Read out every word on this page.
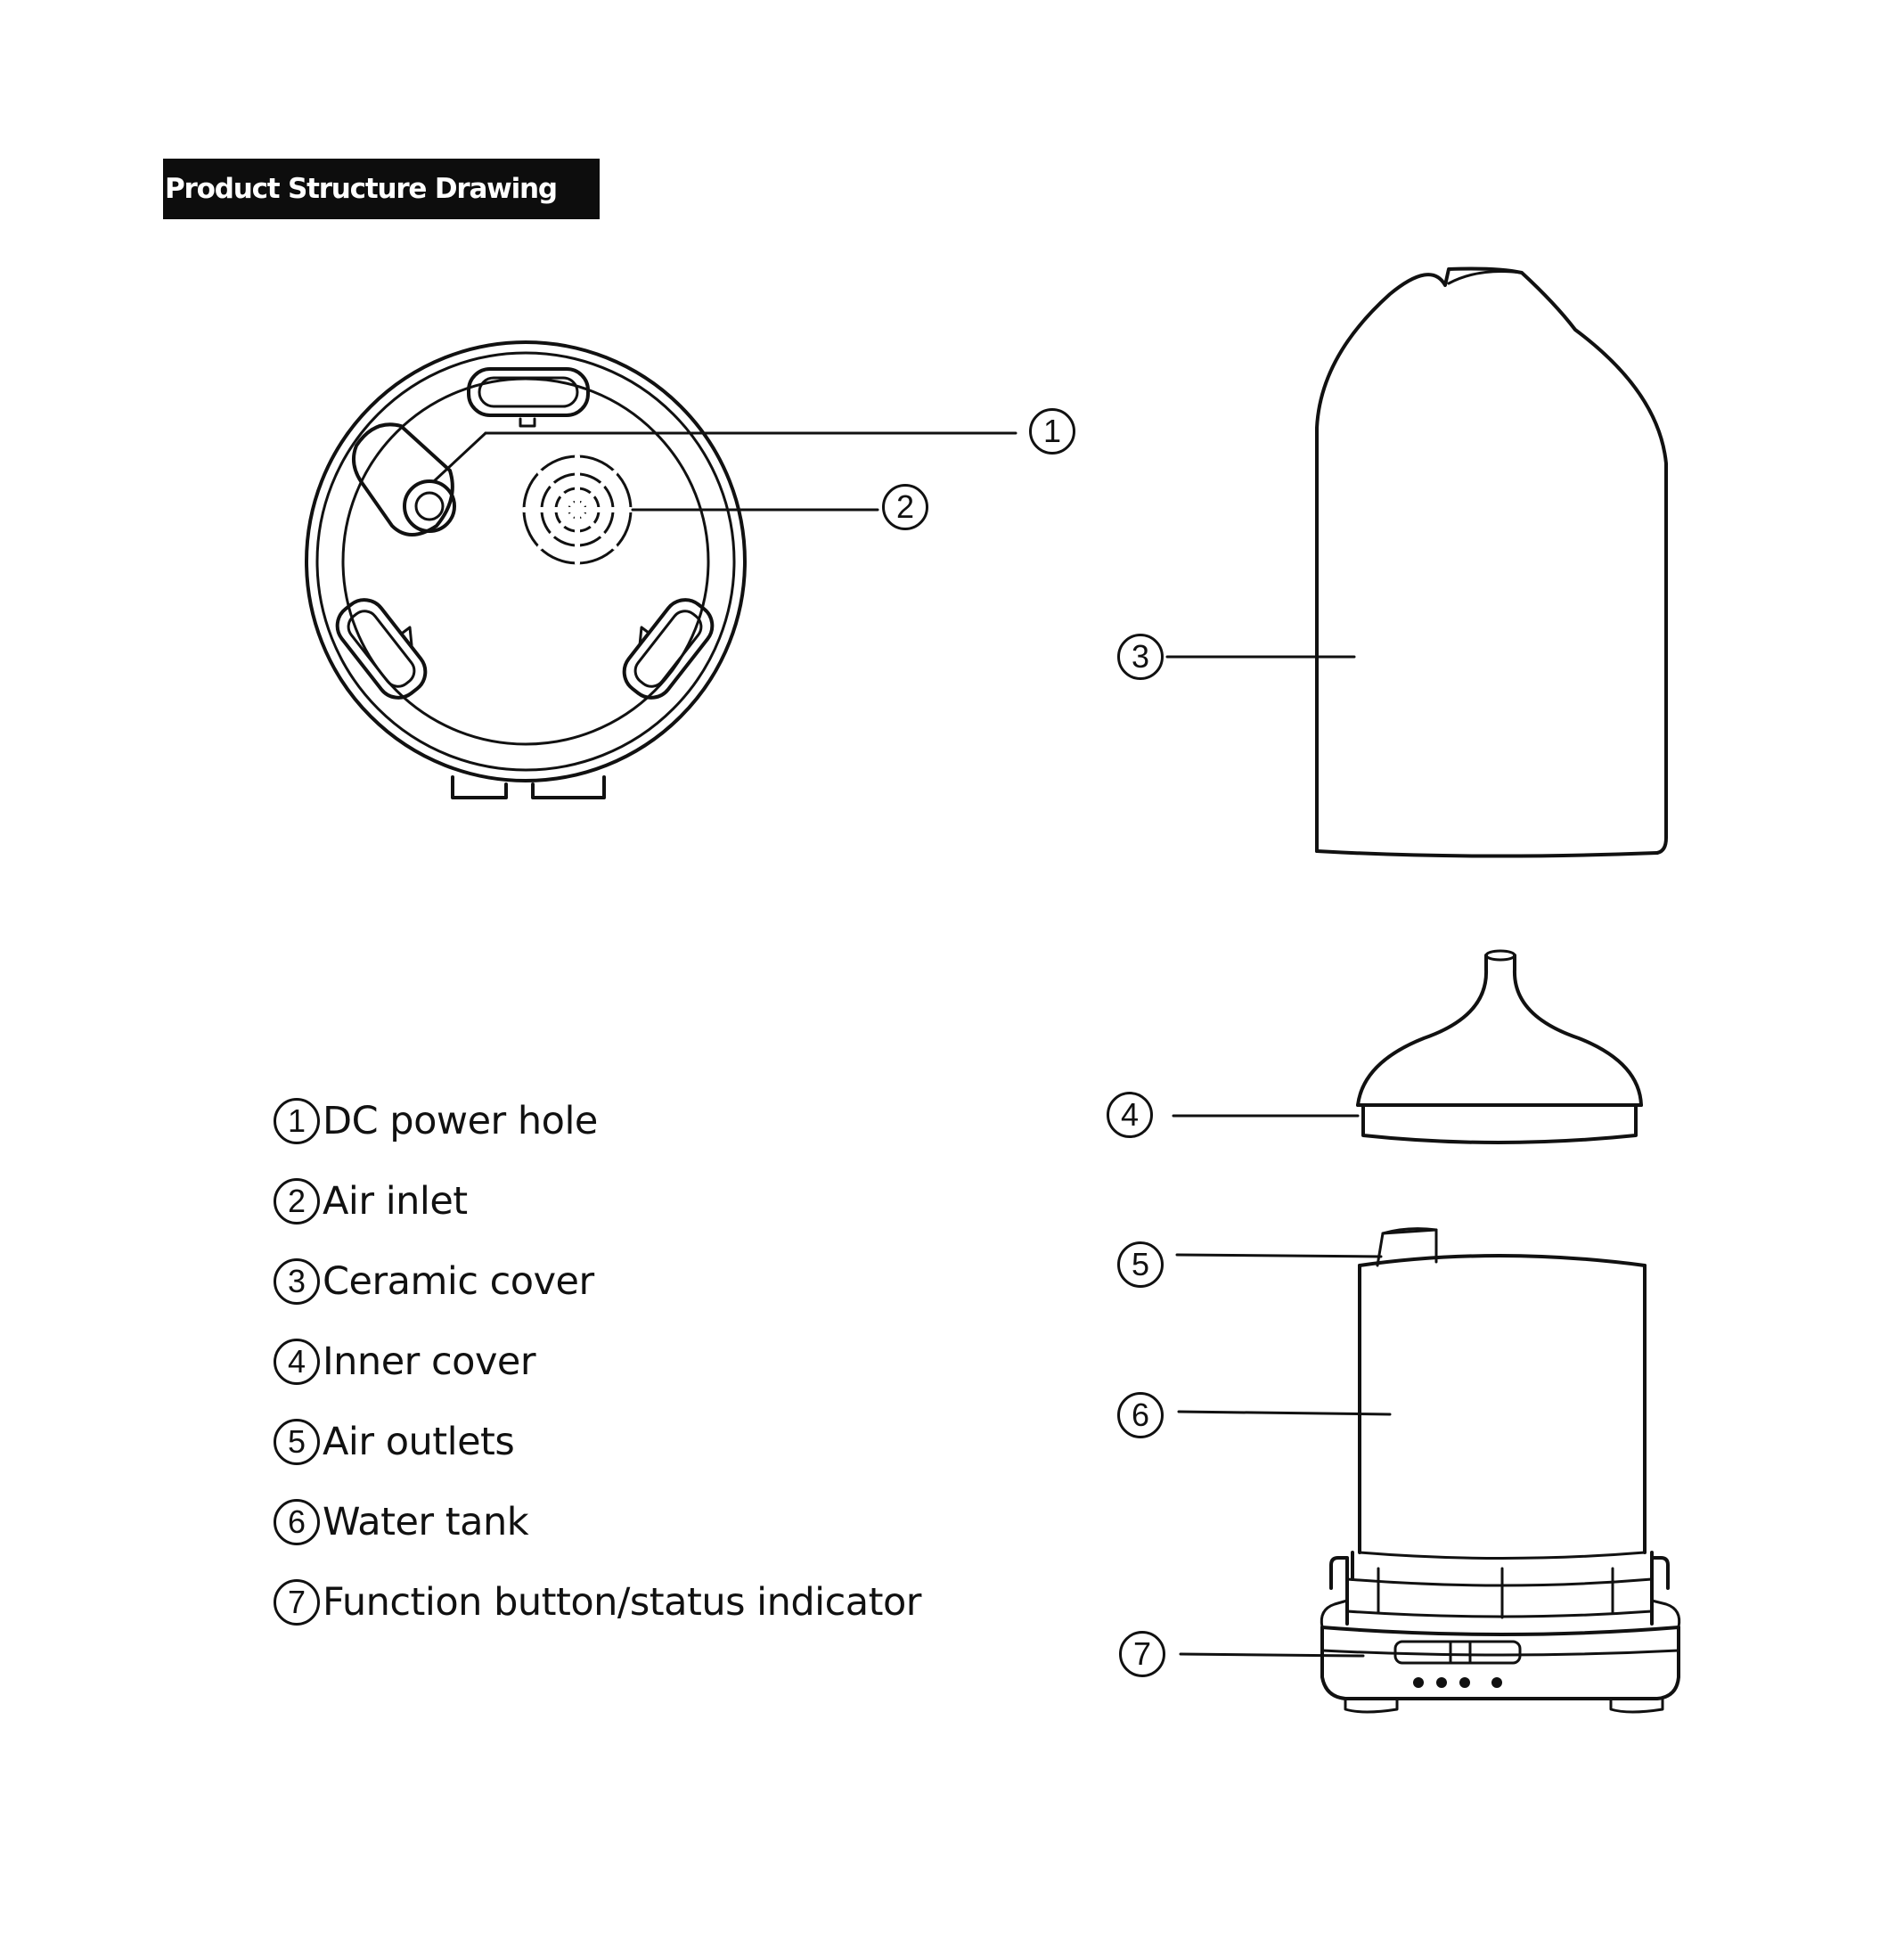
Product Structure Drawing
1
2
3
4
5
6
7
1 DC power hole
2 Air inlet
3 Ceramic cover
4 Inner cover
5 Air outlets
6 Water tank
7 Function button/status indicator
